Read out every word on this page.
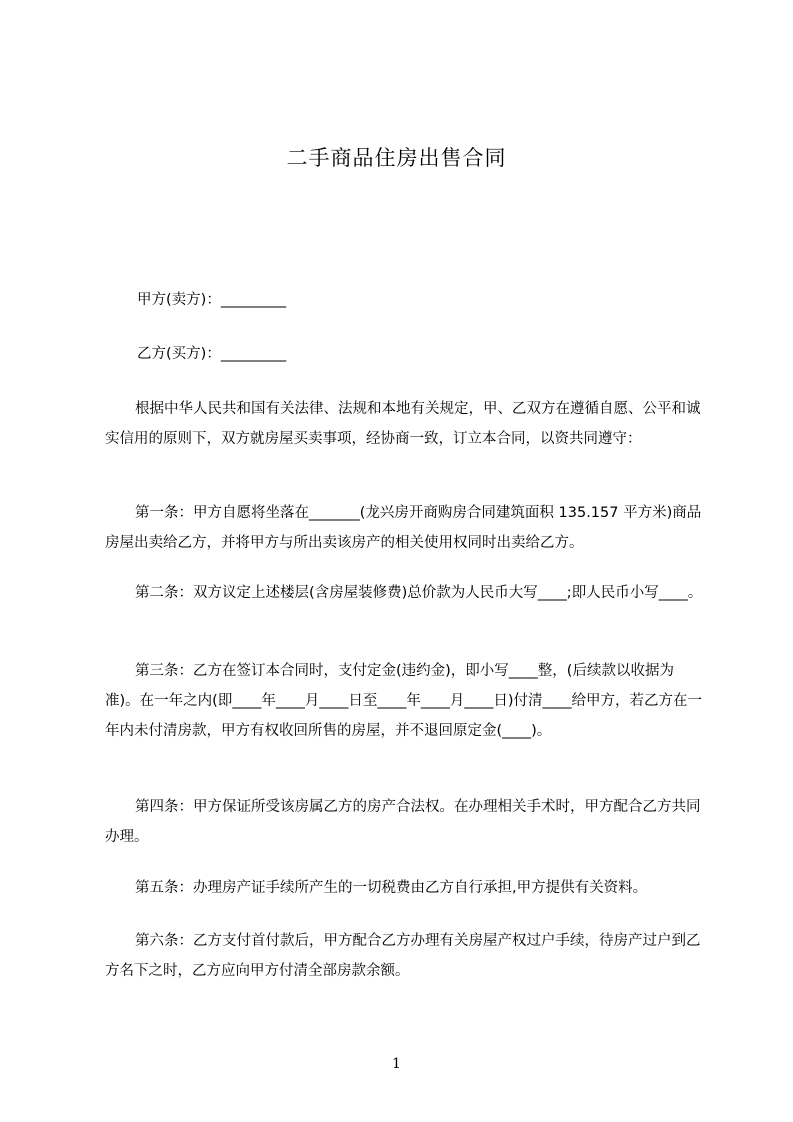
二手商品住房出售合同
甲方(卖方)：_________
乙方(买方)：_________
根据中华人民共和国有关法律、法规和本地有关规定，甲、乙双方在遵循自愿、公平和诚实信用的原则下，双方就房屋买卖事项，经协商一致，订立本合同，以资共同遵守：
第一条：甲方自愿将坐落在_______(龙兴房开商购房合同建筑面积 135.157 平方米)商品房屋出卖给乙方，并将甲方与所出卖该房产的相关使用权同时出卖给乙方。
第二条：双方议定上述楼层(含房屋装修费)总价款为人民币大写____;即人民币小写____。
第三条：乙方在签订本合同时，支付定金(违约金)，即小写____整，(后续款以收据为准)。在一年之内(即____年____月____日至____年____月____日)付清____给甲方，若乙方在一年内未付清房款，甲方有权收回所售的房屋，并不退回原定金(____)。
第四条：甲方保证所受该房属乙方的房产合法权。在办理相关手术时，甲方配合乙方共同办理。
第五条：办理房产证手续所产生的一切税费由乙方自行承担,甲方提供有关资料。
第六条：乙方支付首付款后，甲方配合乙方办理有关房屋产权过户手续，待房产过户到乙方名下之时，乙方应向甲方付清全部房款余额。
1
